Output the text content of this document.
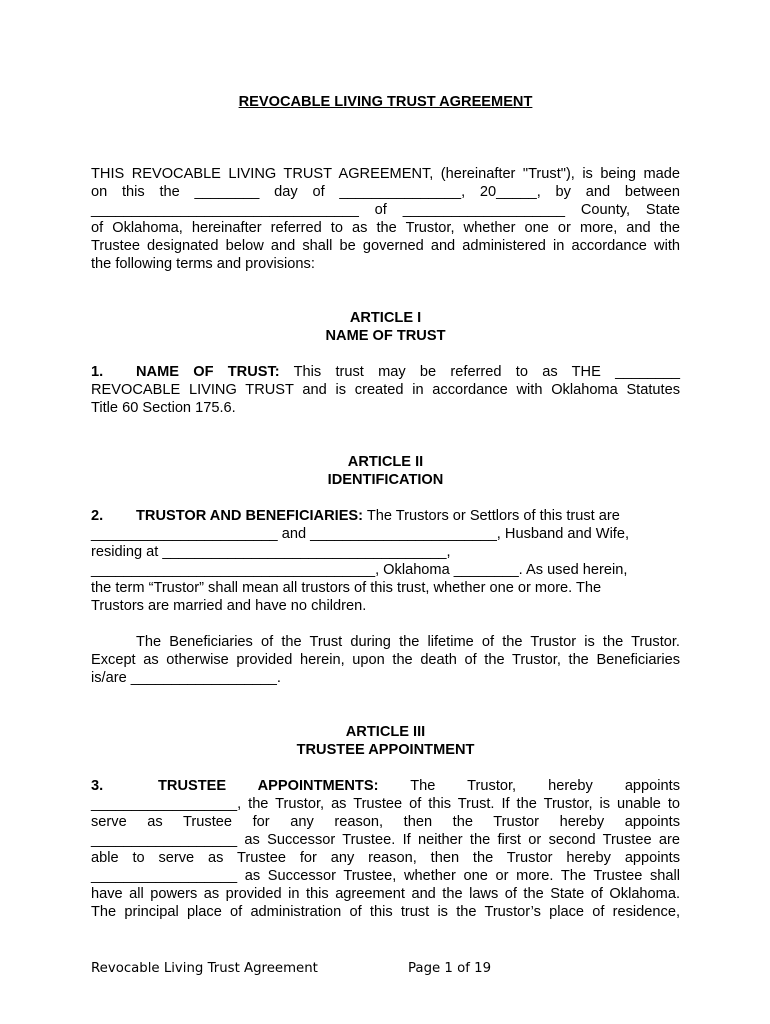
REVOCABLE LIVING TRUST AGREEMENT

THIS REVOCABLE LIVING TRUST AGREEMENT, (hereinafter "Trust"), is being made
on this the ________ day of _______________, 20_____, by and between
_________________________________ of ____________________ County, State
of Oklahoma, hereinafter referred to as the Trustor, whether one or more, and the
Trustee designated below and shall be governed and administered in accordance with
the following terms and provisions:

ARTICLE I

NAME OF TRUST

1. NAME OF TRUST: This trust may be referred to as THE ________
REVOCABLE LIVING TRUST and is created in accordance with Oklahoma Statutes
Title 60 Section 175.6.

ARTICLE II

IDENTIFICATION

2. TRUSTOR AND BENEFICIARIES: The Trustors or Settlors of this trust are
_______________________ and _______________________, Husband and Wife,
residing at ___________________________________,
___________________________________, Oklahoma ________. As used herein,
the term “Trustor” shall mean all trustors of this trust, whether one or more. The
Trustors are married and have no children.
The Beneficiaries of the Trust during the lifetime of the Trustor is the Trustor.
Except as otherwise provided herein, upon the death of the Trustor, the Beneficiaries
is/are __________________.

ARTICLE III

TRUSTEE APPOINTMENT

3.	TRUSTEE APPOINTMENTS: The Trustor, hereby appoints
__________________, the Trustor, as Trustee of this Trust. If the Trustor, is unable to
serve as Trustee for any reason, then the Trustor hereby appoints
__________________ as Successor Trustee. If neither the first or second Trustee are
able to serve as Trustee for any reason, then the Trustor hereby appoints
__________________ as Successor Trustee, whether one or more. The Trustee shall
have all powers as provided in this agreement and the laws of the State of Oklahoma.
The principal place of administration of this trust is the Trustor’s place of residence,
Revocable Living Trust Agreement	Page 1 of 19
